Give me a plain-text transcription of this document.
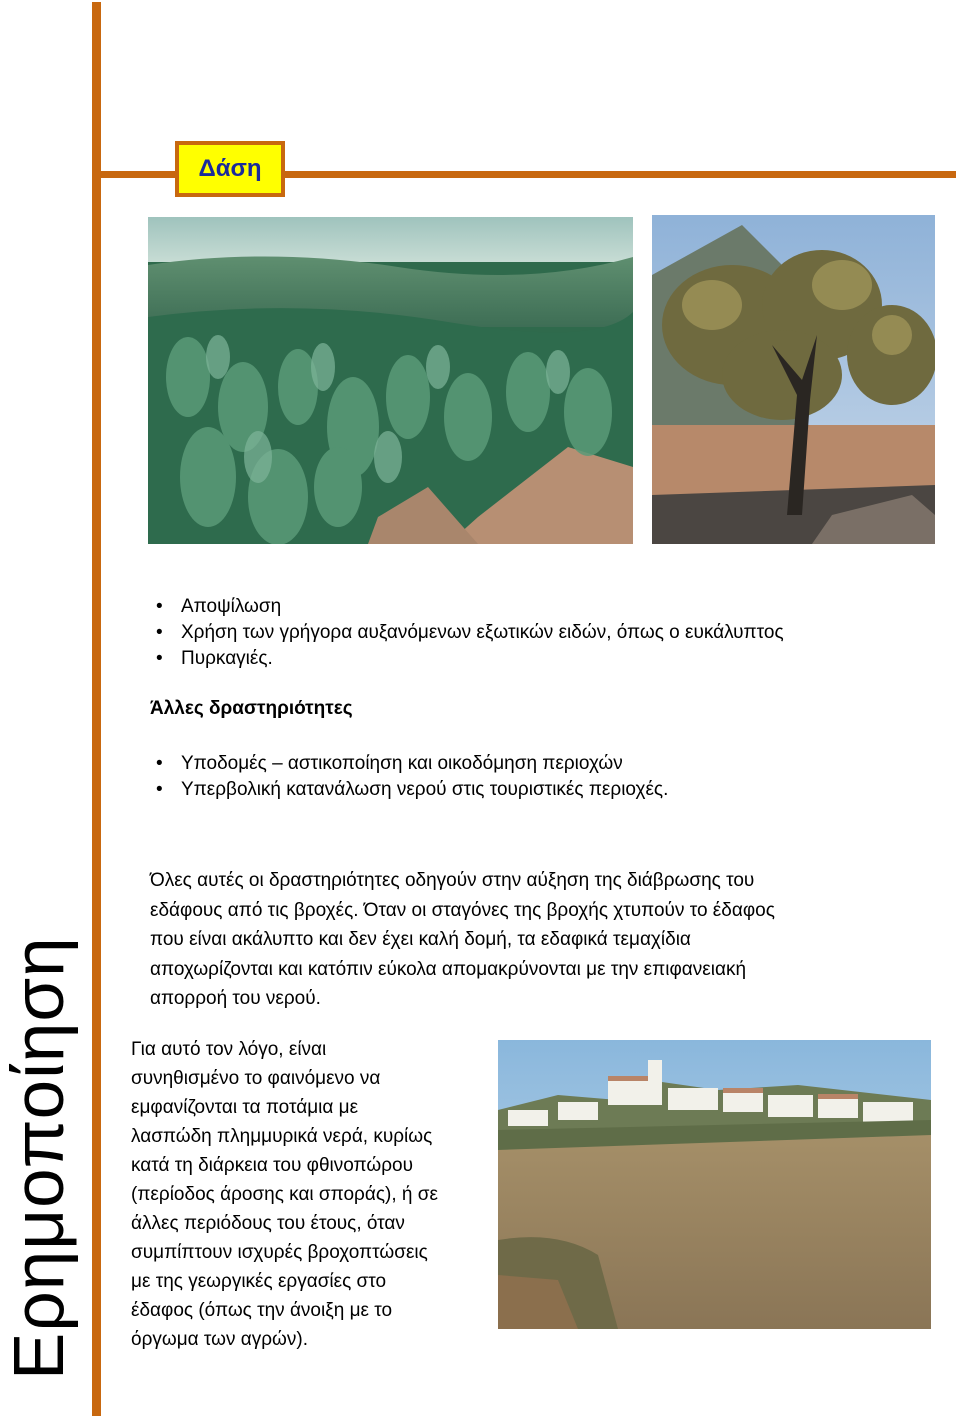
Ερημοποίηση
Δάση
• Αποψίλωση
• Χρήση των γρήγορα αυξανόμενων εξωτικών ειδών, όπως ο ευκάλυπτος
• Πυρκαγιές.
Άλλες δραστηριότητες
• Υποδομές – αστικοποίηση και οικοδόμηση περιοχών
• Υπερβολική κατανάλωση νερού στις τουριστικές περιοχές.
Όλες αυτές οι δραστηριότητες οδηγούν στην αύξηση της διάβρωσης του
εδάφους από τις βροχές. Όταν οι σταγόνες της βροχής χτυπούν το έδαφος
που είναι ακάλυπτο και δεν έχει καλή δομή, τα εδαφικά τεμαχίδια
αποχωρίζονται και κατόπιν εύκολα απομακρύνονται με την επιφανειακή
απορροή του νερού.
Για αυτό τον λόγο, είναι
συνηθισμένο το φαινόμενο να
εμφανίζονται τα ποτάμια με
λασπώδη πλημμυρικά νερά, κυρίως
κατά τη διάρκεια του φθινοπώρου
(περίοδος άροσης και σποράς), ή σε
άλλες περιόδους του έτους, όταν
συμπίπτουν ισχυρές βροχοπτώσεις
με της γεωργικές εργασίες στο
έδαφος (όπως την άνοιξη με το
όργωμα των αγρών).
